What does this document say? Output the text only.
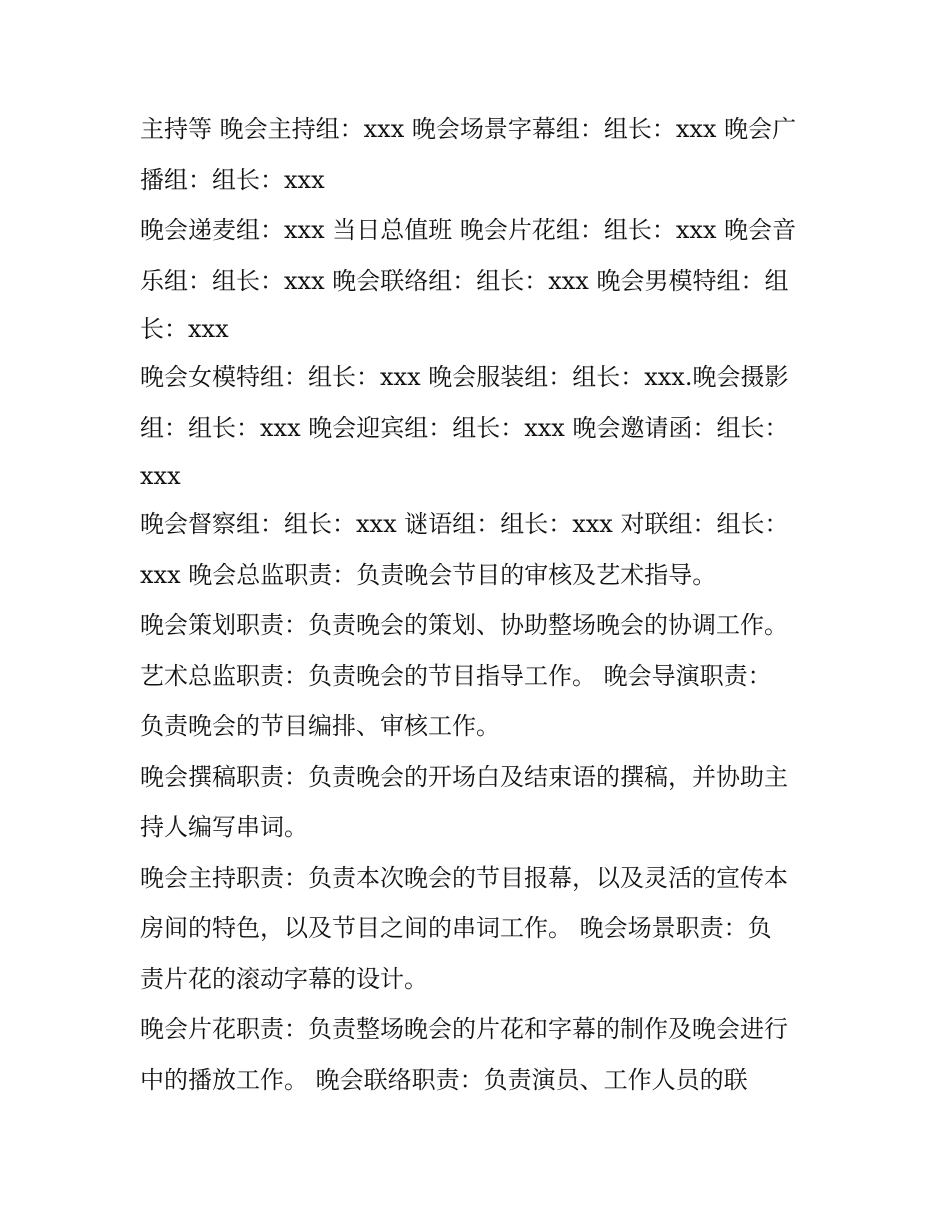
主持等 晚会主持组：xxx 晚会场景字幕组：组长：xxx 晚会广
播组：组长：xxx
晚会递麦组：xxx 当日总值班 晚会片花组：组长：xxx 晚会音
乐组：组长：xxx 晚会联络组：组长：xxx 晚会男模特组：组
长：xxx
晚会女模特组：组长：xxx 晚会服装组：组长：xxx.晚会摄影
组：组长：xxx 晚会迎宾组：组长：xxx 晚会邀请函：组长：
xxx
晚会督察组：组长：xxx 谜语组：组长：xxx 对联组：组长：
xxx 晚会总监职责：负责晚会节目的审核及艺术指导。
晚会策划职责：负责晚会的策划、协助整场晚会的协调工作。
艺术总监职责：负责晚会的节目指导工作。 晚会导演职责：
负责晚会的节目编排、审核工作。
晚会撰稿职责：负责晚会的开场白及结束语的撰稿，并协助主
持人编写串词。
晚会主持职责：负责本次晚会的节目报幕，以及灵活的宣传本
房间的特色，以及节目之间的串词工作。 晚会场景职责：负
责片花的滚动字幕的设计。
晚会片花职责：负责整场晚会的片花和字幕的制作及晚会进行
中的播放工作。 晚会联络职责：负责演员、工作人员的联
